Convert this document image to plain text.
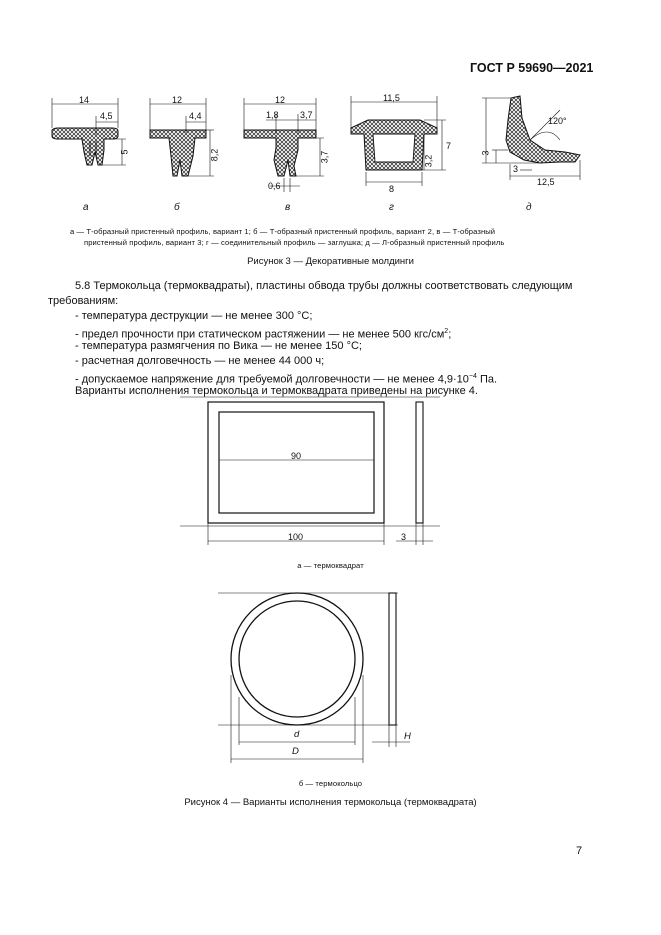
ГОСТ Р 59690—2021
14
4,5
5
12
4,4
8,2
12
1,8 3,7
3,7
0,6
11,5
7
3,2
8
120°
3
3
12,5
а	б	в	г	д
а — Т-образный пристенный профиль, вариант 1; б — Т-образный пристенный профиль, вариант 2, в — Т-образный
пристенный профиль, вариант 3; г — соединительный профиль — заглушка; д — Л-образный пристенный профиль
Рисунок 3 — Декоративные молдинги
5.8 Термокольца (термоквадраты), пластины обвода трубы должны соответствовать следующим
требованиям:
- температура деструкции — не менее 300 °С;
- предел прочности при статическом растяжении — не менее 500 кгс/$см^2$;
- температура размягчения по Вика — не менее 150 °С;
- расчетная долговечность — не менее 44 000 ч;
- допускаемое напряжение для требуемой долговечности — не менее $4,9\cdot 10^{-4}$ Па.
Варианты исполнения термокольца и термоквадрата приведены на рисунке 4.
90
100	3
а — термоквадрат
d
D
H
б — термокольцо
Рисунок 4 — Варианты исполнения термокольца (термоквадрата)
7
